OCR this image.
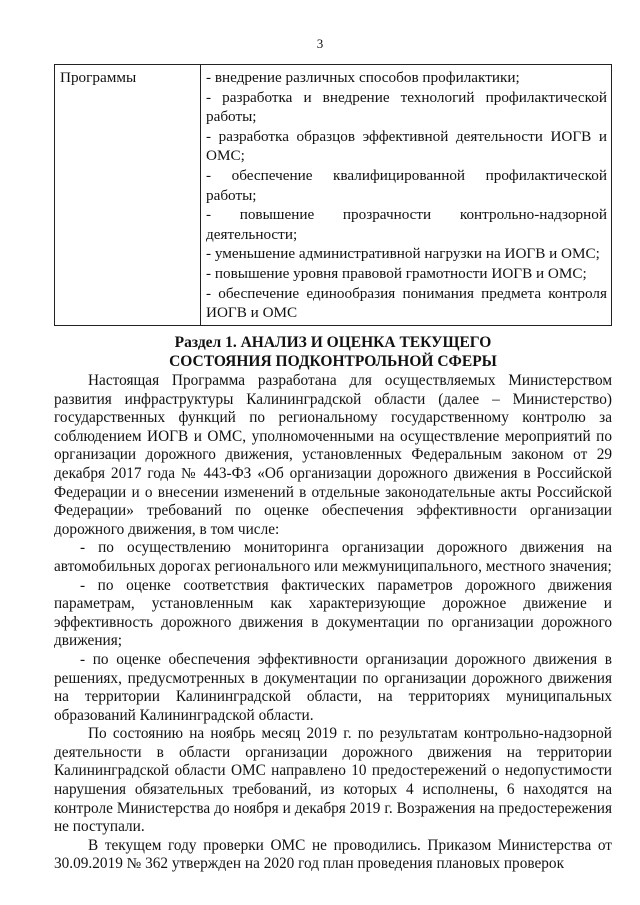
3
Программы	- внедрение различных способов профилактики;
- разработка и внедрение технологий профилактической работы;
- разработка образцов эффективной деятельности ИОГВ и ОМС;
- обеспечение квалифицированной профилактической работы;
- повышение прозрачности контрольно-надзорной деятельности;
- уменьшение административной нагрузки на ИОГВ и ОМС;
- повышение уровня правовой грамотности ИОГВ и ОМС;
- обеспечение единообразия понимания предмета контроля ИОГВ и ОМС
Раздел 1. АНАЛИЗ И ОЦЕНКА ТЕКУЩЕГО
СОСТОЯНИЯ ПОДКОНТРОЛЬНОЙ СФЕРЫ

Настоящая Программа разработана для осуществляемых Министерством развития инфраструктуры Калининградской области (далее – Министерство) государственных функций по региональному государственному контролю за соблюдением ИОГВ и ОМС, уполномоченными на осуществление мероприятий по организации дорожного движения, установленных Федеральным законом от 29 декабря 2017 года № 443-ФЗ «Об организации дорожного движения в Российской Федерации и о внесении изменений в отдельные законодательные акты Российской Федерации» требований по оценке обеспечения эффективности организации дорожного движения, в том числе:

- по осуществлению мониторинга организации дорожного движения на автомобильных дорогах регионального или межмуниципального, местного значения;

- по оценке соответствия фактических параметров дорожного движения параметрам, установленным как характеризующие дорожное движение и эффективность дорожного движения в документации по организации дорожного движения;

- по оценке обеспечения эффективности организации дорожного движения в решениях, предусмотренных в документации по организации дорожного движения на территории Калининградской области, на территориях муниципальных образований Калининградской области.

По состоянию на ноябрь месяц 2019 г. по результатам контрольно-надзорной деятельности в области организации дорожного движения на территории Калининградской области ОМС направлено 10 предостережений о недопустимости нарушения обязательных требований, из которых 4 исполнены, 6 находятся на контроле Министерства до ноября и декабря 2019 г. Возражения на предостережения не поступали.

В текущем году проверки ОМС не проводились. Приказом Министерства от 30.09.2019 № 362 утвержден на 2020 год план проведения плановых проверок
